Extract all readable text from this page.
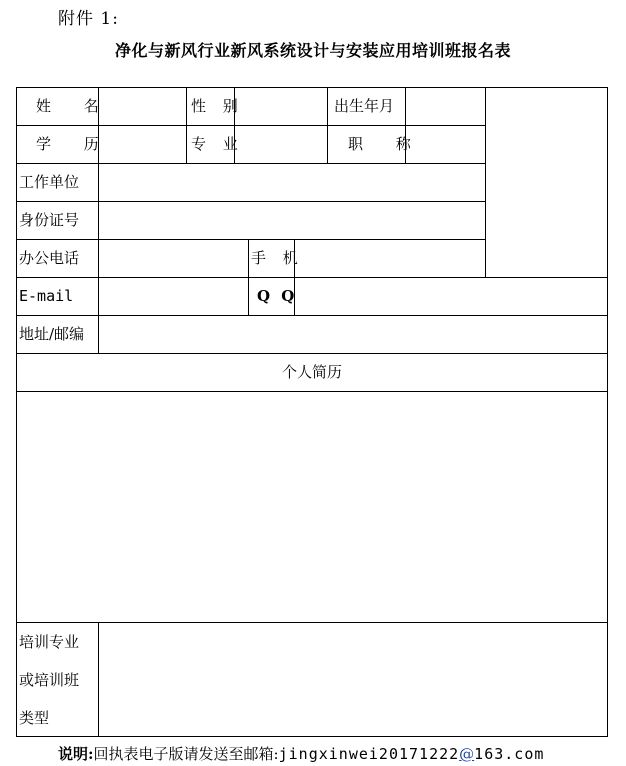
附件 1:
净化与新风行业新风系统设计与安装应用培训班报名表
姓 名	性 别	出生年月
学 历	专 业	职 称
工作单位
身份证号
办公电话	手 机
E-mail	Q Q
地址/邮编
个人简历
培训专业
或培训班
类型
说明:回执表电子版请发送至邮箱:jingxinwei20171222@163.com
